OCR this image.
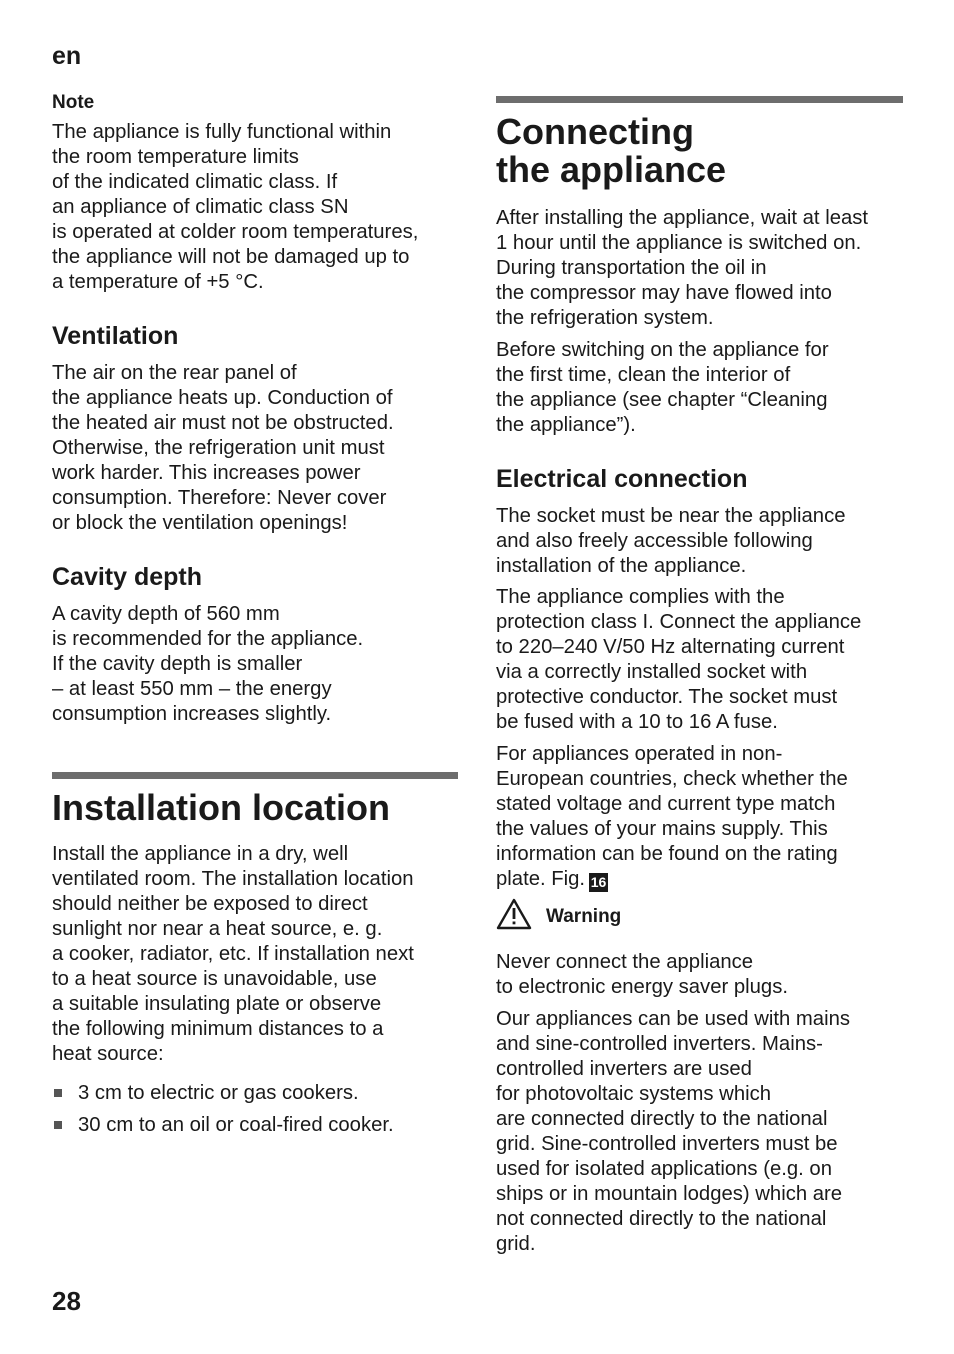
en
Note

The appliance is fully functional within
the room temperature limits
of the indicated climatic class. If
an appliance of climatic class SN
is operated at colder room temperatures,
the appliance will not be damaged up to
a temperature of +5 °C.

Ventilation

The air on the rear panel of
the appliance heats up. Conduction of
the heated air must not be obstructed.
Otherwise, the refrigeration unit must
work harder. This increases power
consumption. Therefore: Never cover
or block the ventilation openings!

Cavity depth

A cavity depth of 560 mm
is recommended for the appliance.
If the cavity depth is smaller
– at least 550 mm – the energy
consumption increases slightly.

Installation location

Install the appliance in a dry, well
ventilated room. The installation location
should neither be exposed to direct
sunlight nor near a heat source, e. g.
a cooker, radiator, etc. If installation next
to a heat source is unavoidable, use
a suitable insulating plate or observe
the following minimum distances to a
heat source:

3 cm to electric or gas cookers.
30 cm to an oil or coal-fired cooker.
Connecting
the appliance

After installing the appliance, wait at least
1 hour until the appliance is switched on.
During transportation the oil in
the compressor may have flowed into
the refrigeration system.

Before switching on the appliance for
the first time, clean the interior of
the appliance (see chapter “Cleaning
the appliance”).

Electrical connection

The socket must be near the appliance
and also freely accessible following
installation of the appliance.

The appliance complies with the
protection class I. Connect the appliance
to 220–240 V/50 Hz alternating current
via a correctly installed socket with
protective conductor. The socket must
be fused with a 10 to 16 A fuse.

For appliances operated in non-
European countries, check whether the
stated voltage and current type match
the values of your mains supply. This
information can be found on the rating
plate. Fig. 16

Warning

Never connect the appliance
to electronic energy saver plugs.

Our appliances can be used with mains
and sine-controlled inverters. Mains-
controlled inverters are used
for photovoltaic systems which
are connected directly to the national
grid. Sine-controlled inverters must be
used for isolated applications (e.g. on
ships or in mountain lodges) which are
not connected directly to the national
grid.

28
